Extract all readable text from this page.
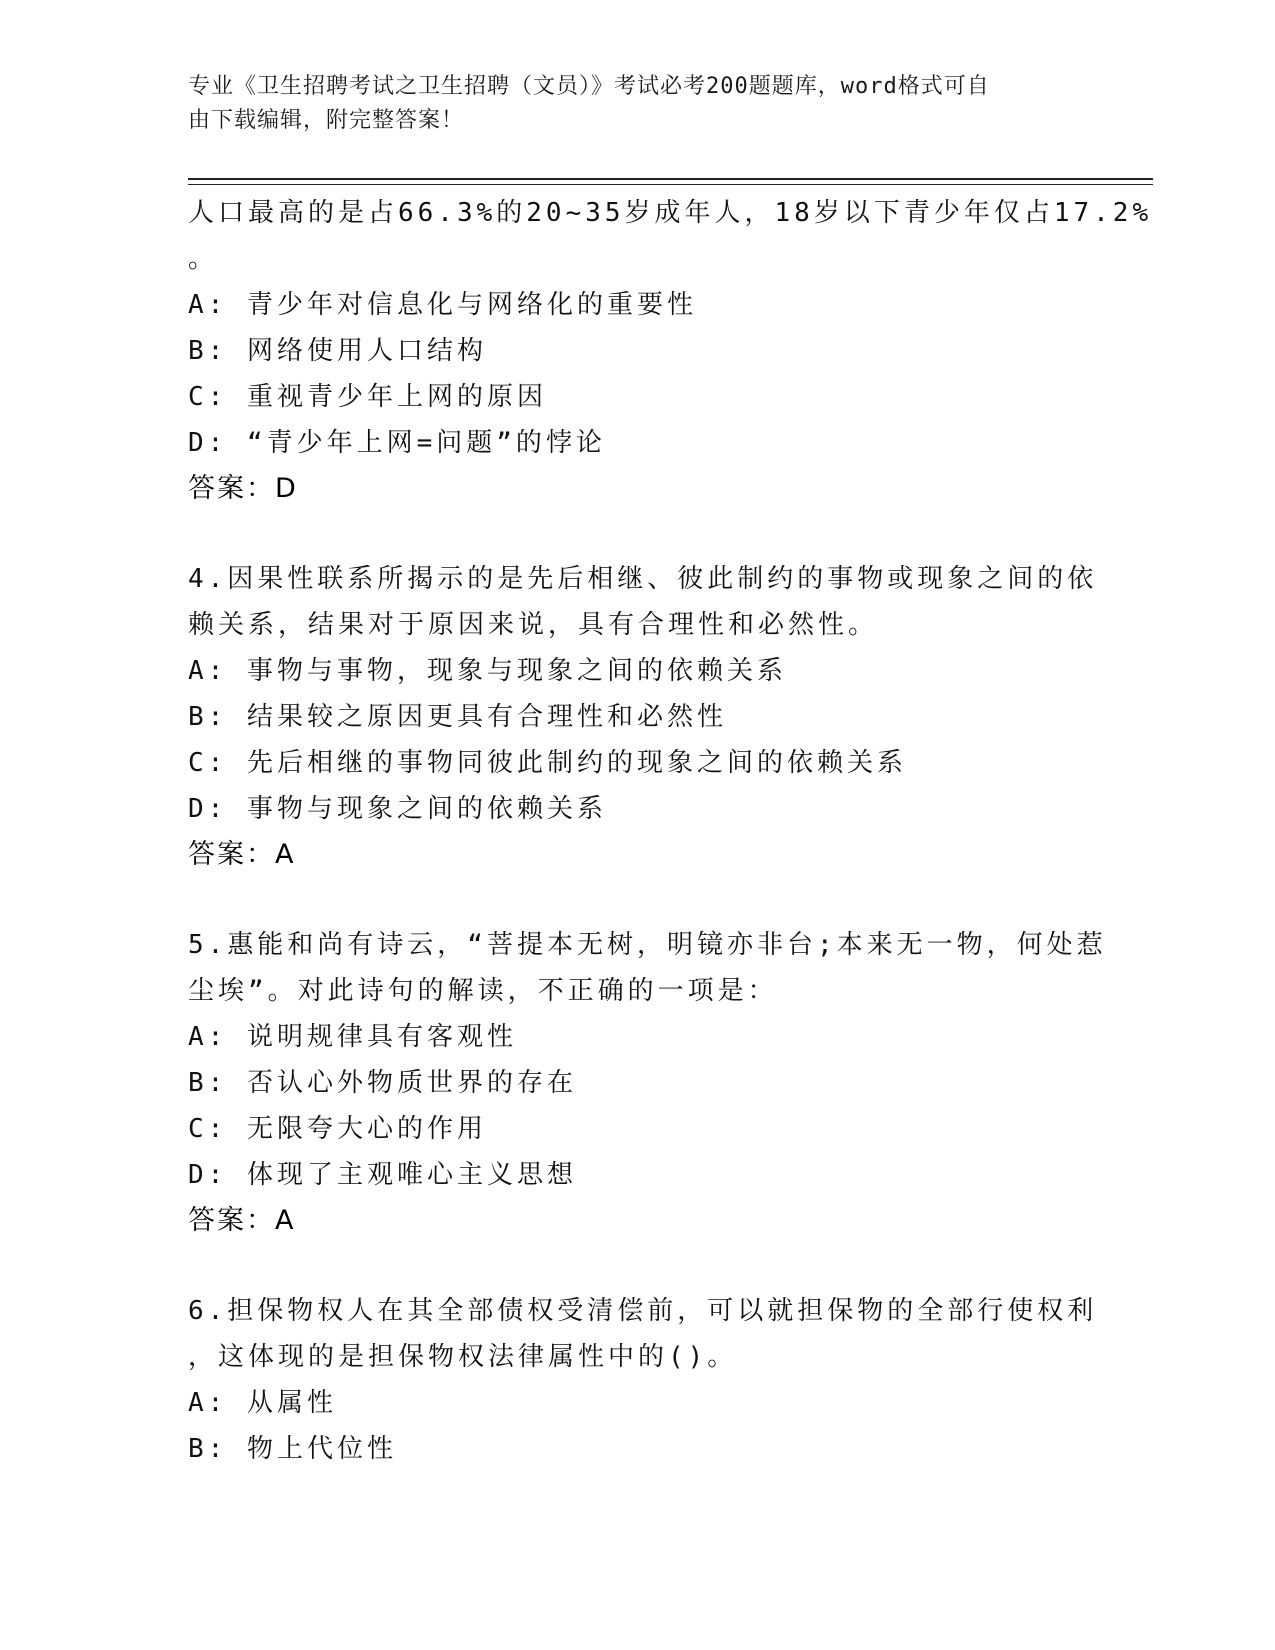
专业《卫生招聘考试之卫生招聘（文员）》考试必考200题题库，word格式可自
由下载编辑，附完整答案！

人口最高的是占66.3%的20~35岁成年人，18岁以下青少年仅占17.2%

。

A: 青少年对信息化与网络化的重要性

B: 网络使用人口结构

C: 重视青少年上网的原因

D: “青少年上网=问题”的悖论

答案：D

4.因果性联系所揭示的是先后相继、彼此制约的事物或现象之间的依

赖关系，结果对于原因来说，具有合理性和必然性。

A: 事物与事物，现象与现象之间的依赖关系

B: 结果较之原因更具有合理性和必然性

C: 先后相继的事物同彼此制约的现象之间的依赖关系

D: 事物与现象之间的依赖关系

答案：A

5.惠能和尚有诗云，“菩提本无树，明镜亦非台;本来无一物，何处惹

尘埃”。对此诗句的解读，不正确的一项是：

A: 说明规律具有客观性

B: 否认心外物质世界的存在

C: 无限夸大心的作用

D: 体现了主观唯心主义思想

答案：A

6.担保物权人在其全部债权受清偿前，可以就担保物的全部行使权利

，这体现的是担保物权法律属性中的()。

A: 从属性

B: 物上代位性
